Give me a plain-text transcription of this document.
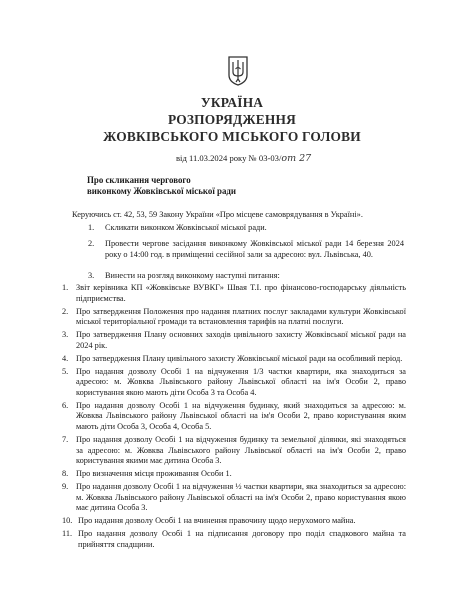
УКРАЇНА
РОЗПОРЯДЖЕННЯ
ЖОВКІВСЬКОГО МІСЬКОГО ГОЛОВИ
від 11.03.2024 року № 03-03/от 27
Про скликання чергового
виконкому Жовківської міської ради
Керуючись ст. 42, 53, 59 Закону України «Про місцеве самоврядування в Україні».
1. Скликати виконком Жовківської міської ради.
2. Провести чергове засідання виконкому Жовківської міської ради 14 березня 2024 року о 14:00 год. в приміщенні сесійної зали за адресою: вул. Львівська, 40.
3. Винести на розгляд виконкому наступні питання:
1. Звіт керівника КП «Жовківське ВУВКГ» Швая Т.І. про фінансово-господарську діяльність підприємства.
2. Про затвердження Положення про надання платних послуг закладами культури Жовківської міської територіальної громади та встановлення тарифів на платні послуги.
3. Про затвердження Плану основних заходів цивільного захисту Жовківської міської ради на 2024 рік.
4. Про затвердження Плану цивільного захисту Жовківської міської ради на особливий період.
5. Про надання дозволу Особі 1 на відчуження 1/3 частки квартири, яка знаходиться за адресою: м. Жовква Львівського району Львівської області на ім'я Особи 2, право користування якою мають діти Особа 3 та Особа 4.
6. Про надання дозволу Особі 1 на відчуження будинку, який знаходиться за адресою: м. Жовква Львівського району Львівської області на ім'я Особи 2, право користування яким мають діти Особа 3, Особа 4, Особа 5.
7. Про надання дозволу Особі 1 на відчуження будинку та земельної ділянки, які знаходяться за адресою: м. Жовква Львівського району Львівської області на ім'я Особи 2, право користування якими має дитина Особа 3.
8. Про визначення місця проживання Особи 1.
9. Про надання дозволу Особі 1 на відчуження ½ частки квартири, яка знаходиться за адресою: м. Жовква Львівського району Львівської області на ім'я Особи 2, право користування якою має дитина Особа 3.
10. Про надання дозволу Особі 1 на вчинення правочину щодо нерухомого майна.
11. Про надання дозволу Особі 1 на підписання договору про поділ спадкового майна та прийняття спадщини.
